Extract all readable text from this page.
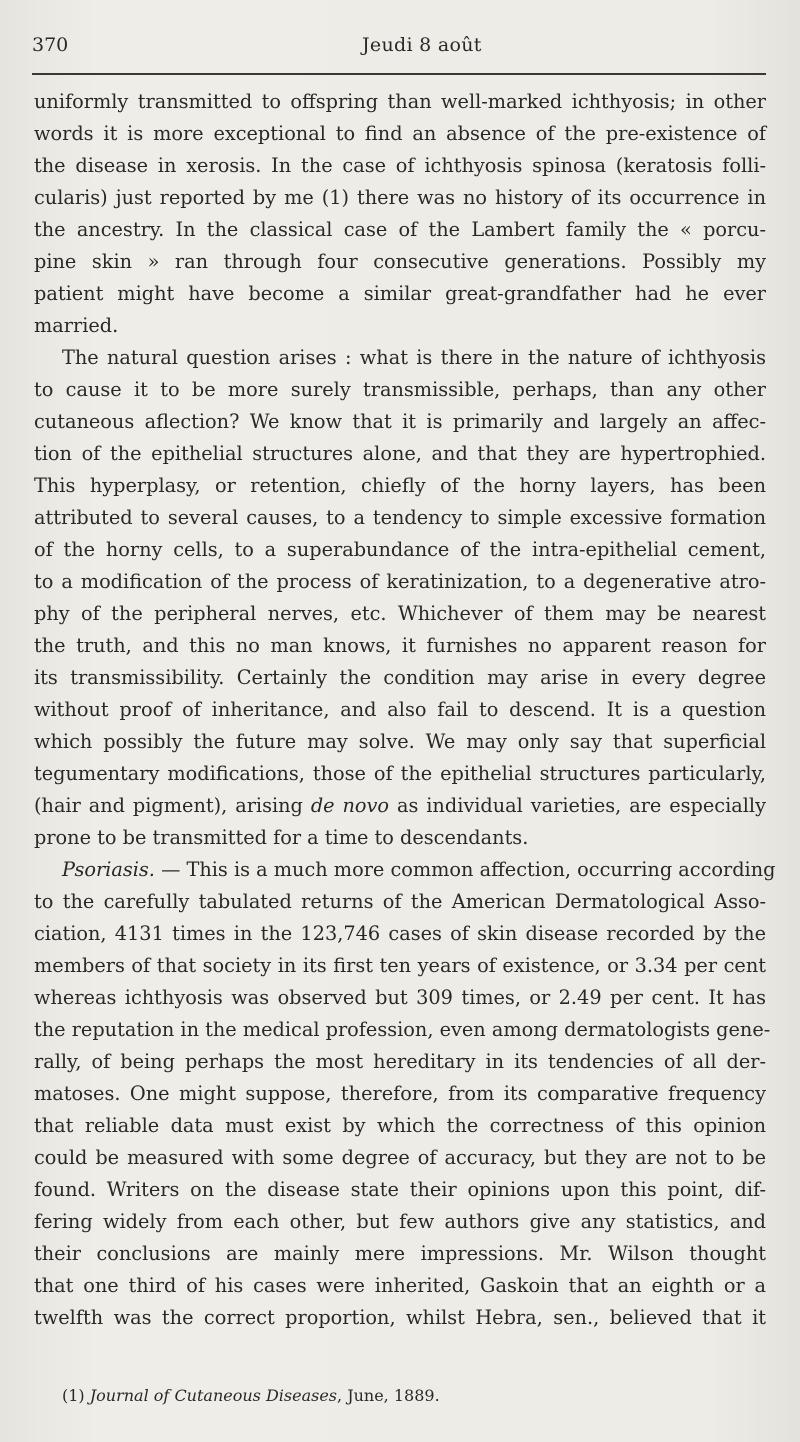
370	Jeudi 8 août
uniformly transmitted to offspring than well-marked ichthyosis; in other
words it is more exceptional to find an absence of the pre-existence of
the disease in xerosis. In the case of ichthyosis spinosa (keratosis folli-
cularis) just reported by me (1) there was no history of its occurrence in
the ancestry. In the classical case of the Lambert family the « porcu-
pine skin » ran through four consecutive generations. Possibly my
patient might have become a similar great-grandfather had he ever
married.
The natural question arises : what is there in the nature of ichthyosis
to cause it to be more surely transmissible, perhaps, than any other
cutaneous aflection? We know that it is primarily and largely an affec-
tion of the epithelial structures alone, and that they are hypertrophied.
This hyperplasy, or retention, chiefly of the horny layers, has been
attributed to several causes, to a tendency to simple excessive formation
of the horny cells, to a superabundance of the intra-epithelial cement,
to a modification of the process of keratinization, to a degenerative atro-
phy of the peripheral nerves, etc. Whichever of them may be nearest
the truth, and this no man knows, it furnishes no apparent reason for
its transmissibility. Certainly the condition may arise in every degree
without proof of inheritance, and also fail to descend. It is a question
which possibly the future may solve. We may only say that superficial
tegumentary modifications, those of the epithelial structures particularly,
(hair and pigment), arising de novo as individual varieties, are especially
prone to be transmitted for a time to descendants.
Psoriasis. — This is a much more common affection, occurring according
to the carefully tabulated returns of the American Dermatological Asso-
ciation, 4131 times in the 123,746 cases of skin disease recorded by the
members of that society in its first ten years of existence, or 3.34 per cent
whereas ichthyosis was observed but 309 times, or 2.49 per cent. It has
the reputation in the medical profession, even among dermatologists gene-
rally, of being perhaps the most hereditary in its tendencies of all der-
matoses. One might suppose, therefore, from its comparative frequency
that reliable data must exist by which the correctness of this opinion
could be measured with some degree of accuracy, but they are not to be
found. Writers on the disease state their opinions upon this point, dif-
fering widely from each other, but few authors give any statistics, and
their conclusions are mainly mere impressions. Mr. Wilson thought
that one third of his cases were inherited, Gaskoin that an eighth or a
twelfth was the correct proportion, whilst Hebra, sen., believed that it
(1) Journal of Cutaneous Diseases, June, 1889.
